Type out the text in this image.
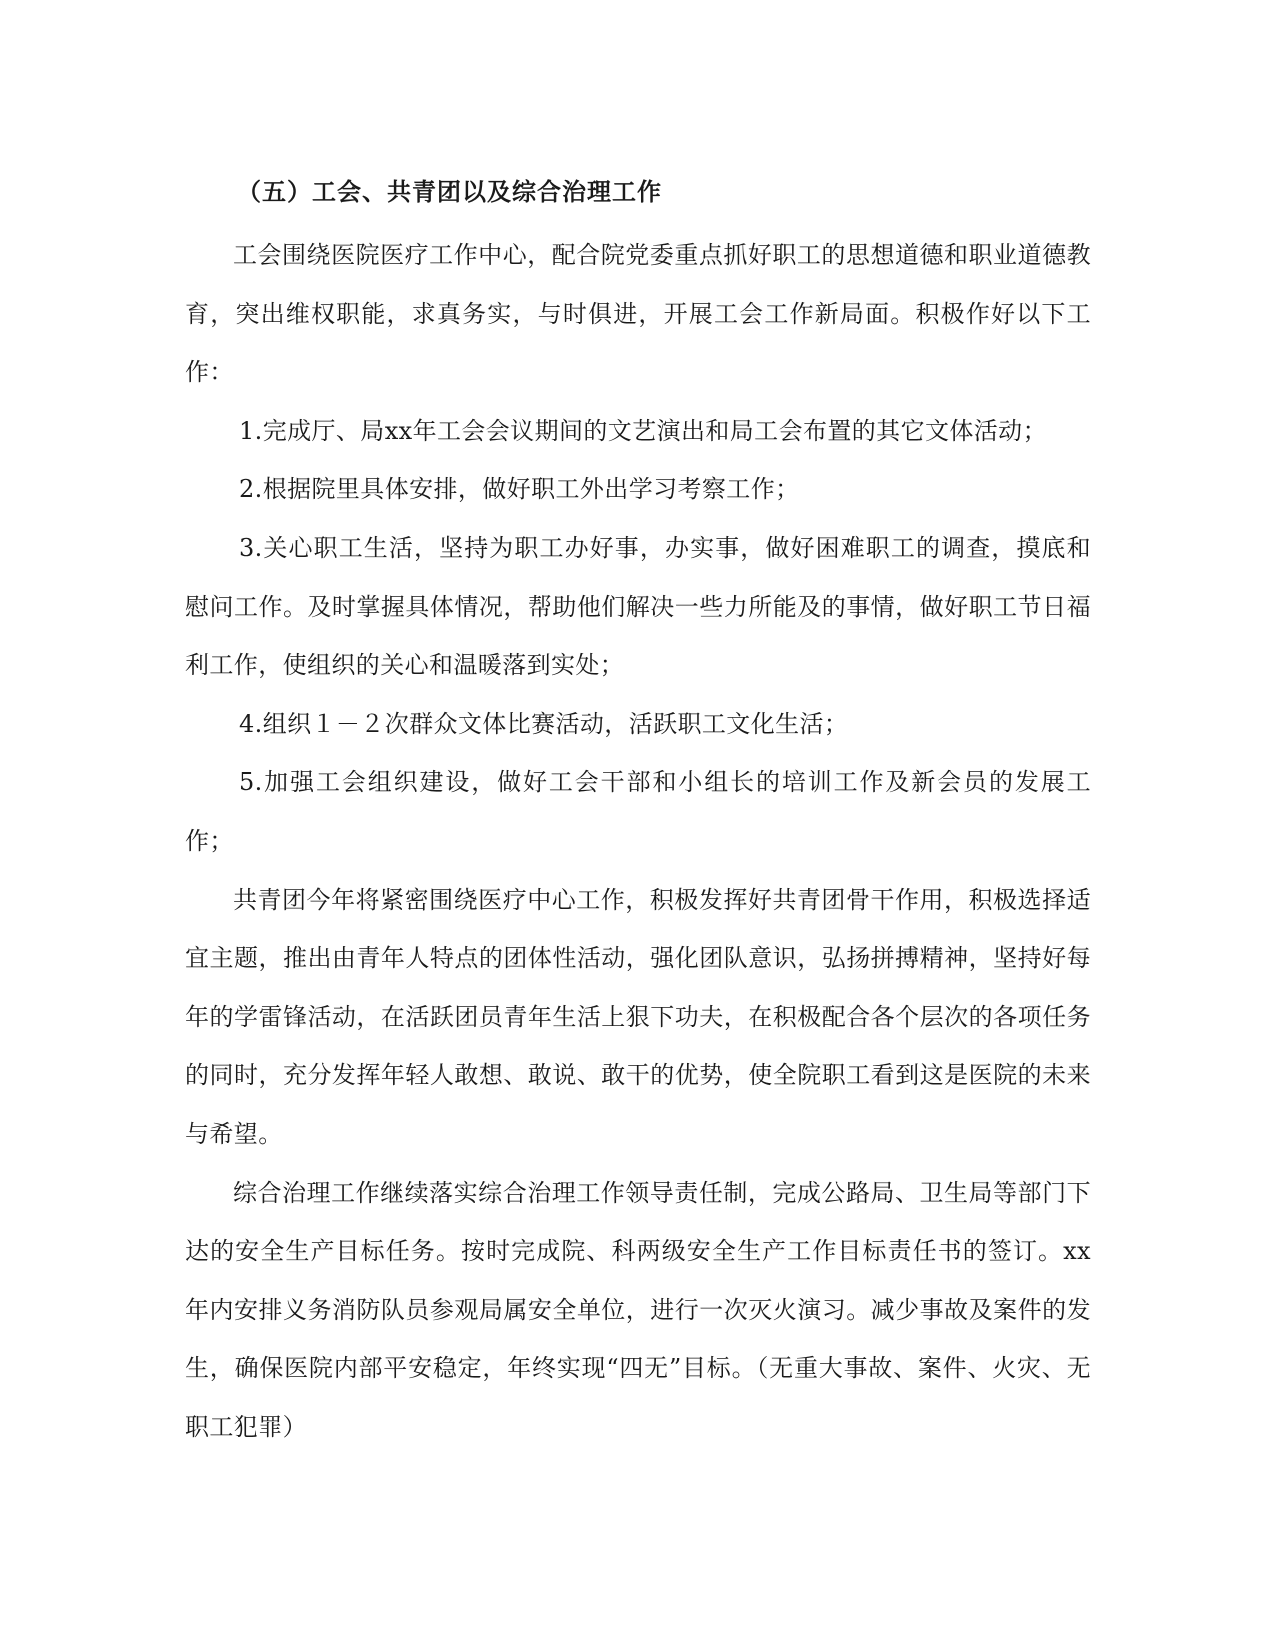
（五）工会、共青团以及综合治理工作

工会围绕医院医疗工作中心，配合院党委重点抓好职工的思想道德和职业道德教育，突出维权职能，求真务实，与时俱进，开展工会工作新局面。积极作好以下工作：

1.完成厅、局xx年工会会议期间的文艺演出和局工会布置的其它文体活动；

2.根据院里具体安排，做好职工外出学习考察工作；

3.关心职工生活，坚持为职工办好事，办实事，做好困难职工的调查，摸底和慰问工作。及时掌握具体情况，帮助他们解决一些力所能及的事情，做好职工节日福利工作，使组织的关心和温暖落到实处；

4.组织１－２次群众文体比赛活动，活跃职工文化生活；

5.加强工会组织建设，做好工会干部和小组长的培训工作及新会员的发展工作；

共青团今年将紧密围绕医疗中心工作，积极发挥好共青团骨干作用，积极选择适宜主题，推出由青年人特点的团体性活动，强化团队意识，弘扬拼搏精神，坚持好每年的学雷锋活动，在活跃团员青年生活上狠下功夫，在积极配合各个层次的各项任务的同时，充分发挥年轻人敢想、敢说、敢干的优势，使全院职工看到这是医院的未来与希望。

综合治理工作继续落实综合治理工作领导责任制，完成公路局、卫生局等部门下达的安全生产目标任务。按时完成院、科两级安全生产工作目标责任书的签订。xx年内安排义务消防队员参观局属安全单位，进行一次灭火演习。减少事故及案件的发生，确保医院内部平安稳定，年终实现“四无”目标。（无重大事故、案件、火灾、无职工犯罪）
